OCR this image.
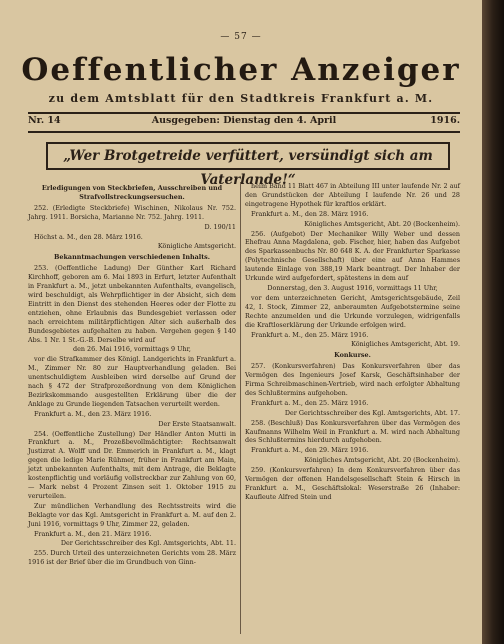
— 57 —
Oeffentlicher Anzeiger
zu dem Amtsblatt für den Stadtkreis Frankfurt a. M.
Nr. 14	Ausgegeben: Dienstag den 4. April	1916.
„Wer Brotgetreide verfüttert, versündigt sich am Vaterlande!“

Erledigungen von Steckbriefen, Ausschreiben und Strafvollstreckungsersuchen.

252. (Erledigte Steckbriefe) Wischinen, Nikolaus Nr. 752. Jahrg. 1911. Borsicha, Marianne Nr. 752. Jahrg. 1911.

D. 190/11

Höchst a. M., den 28. März 1916.

Königliche Amtsgericht.

Bekanntmachungen verschiedenen Inhalts.

253. (Oeffentliche Ladung) Der Günther Karl Richard Kirchhoff, geboren am 6. Mai 1893 in Erfurt, letzter Aufenthalt in Frankfurt a. M., jetzt unbekannten Aufenthalts, evangelisch, wird beschuldigt, als Wehrpflichtiger in der Absicht, sich dem Eintritt in den Dienst des stehenden Heeres oder der Flotte zu entziehen, ohne Erlaubnis das Bundesgebiet verlassen oder nach erreichtem militärpflichtigen Alter sich außerhalb des Bundesgebietes aufgehalten zu haben. Vergehen gegen § 140 Abs. 1 Nr. 1 St.-G.-B. Derselbe wird auf

den 26. Mai 1916, vormittags 9 Uhr,

vor die Strafkammer des Königl. Landgerichts in Frankfurt a. M., Zimmer Nr. 80 zur Hauptverhandlung geladen. Bei unentschuldigtem Ausbleiben wird derselbe auf Grund der nach § 472 der Strafprozeßordnung von dem Königlichen Bezirkskommando ausgestellten Erklärung über die der Anklage zu Grunde liegenden Tatsachen verurteilt werden.

Frankfurt a. M., den 23. März 1916.

Der Erste Staatsanwalt.

254. (Oeffentliche Zustellung) Der Händler Anton Mutti in Frankfurt a. M., Prozeßbevollmächtigter: Rechtsanwalt Justizrat A. Wolff und Dr. Emmerich in Frankfurt a. M., klagt gegen die ledige Marie Rühmer, früher in Frankfurt am Main, jetzt unbekannten Aufenthalts, mit dem Antrage, die Beklagte kostenpflichtig und vorläufig vollstreckbar zur Zahlung von 60,— Mark nebst 4 Prozent Zinsen seit 1. Oktober 1915 zu verurteilen.

Zur mündlichen Verhandlung des Rechtsstreits wird die Beklagte vor das Kgl. Amtsgericht in Frankfurt a. M. auf den 2. Juni 1916, vormittags 9 Uhr, Zimmer 22, geladen.

Frankfurt a. M., den 21. März 1916.

Der Gerichtsschreiber des Kgl. Amtsgerichts, Abt. 11.

255. Durch Urteil des unterzeichneten Gerichts vom 28. März 1916 ist der Brief über die im Grundbuch von Ginn-

heim Band 11 Blatt 467 in Abteilung III unter laufende Nr. 2 auf den Grundstücken der Abteilung I laufende Nr. 26 und 28 eingetragene Hypothek für kraftlos erklärt.

Frankfurt a. M., den 28. März 1916.

Königliches Amtsgericht, Abt. 20 (Bockenheim).

256. (Aufgebot) Der Mechaniker Willy Weber und dessen Ehefrau Anna Magdalena, geb. Fischer, hier, haben das Aufgebot des Sparkassenbuchs Nr. 80 648 K. A. der Frankfurter Sparkasse (Polytechnische Gesellschaft) über eine auf Anna Hammes lautende Einlage von 388,19 Mark beantragt. Der Inhaber der Urkunde wird aufgefordert, spätestens in dem auf

Donnerstag, den 3. August 1916, vormittags 11 Uhr,

vor dem unterzeichneten Gericht, Amtsgerichtsgebäude, Zeil 42, I. Stock, Zimmer 22, anberaumten Aufgebotstermine seine Rechte anzumelden und die Urkunde vorzulegen, widrigenfalls die Kraftloserklärung der Urkunde erfolgen wird.

Frankfurt a. M., den 25. März 1916.

Königliches Amtsgericht, Abt. 19.

Konkurse.

257. (Konkursverfahren) Das Konkursverfahren über das Vermögen des Ingenieurs Josef Karsk, Geschäftsinhaber der Firma Schreibmaschinen-Vertrieb, wird nach erfolgter Abhaltung des Schlußtermins aufgehoben.

Frankfurt a. M., den 25. März 1916.

Der Gerichtsschreiber des Kgl. Amtsgerichts, Abt. 17.

258. (Beschluß) Das Konkursverfahren über das Vermögen des Kaufmanns Wilhelm Weil in Frankfurt a. M. wird nach Abhaltung des Schlußtermins hierdurch aufgehoben.

Frankfurt a. M., den 29. März 1916.

Königliches Amtsgericht, Abt. 20 (Bockenheim).

259. (Konkursverfahren) In dem Konkursverfahren über das Vermögen der offenen Handelsgesellschaft Stein & Hirsch in Frankfurt a. M., Geschäftslokal: Weserstraße 26 (Inhaber: Kaufleute Alfred Stein und
